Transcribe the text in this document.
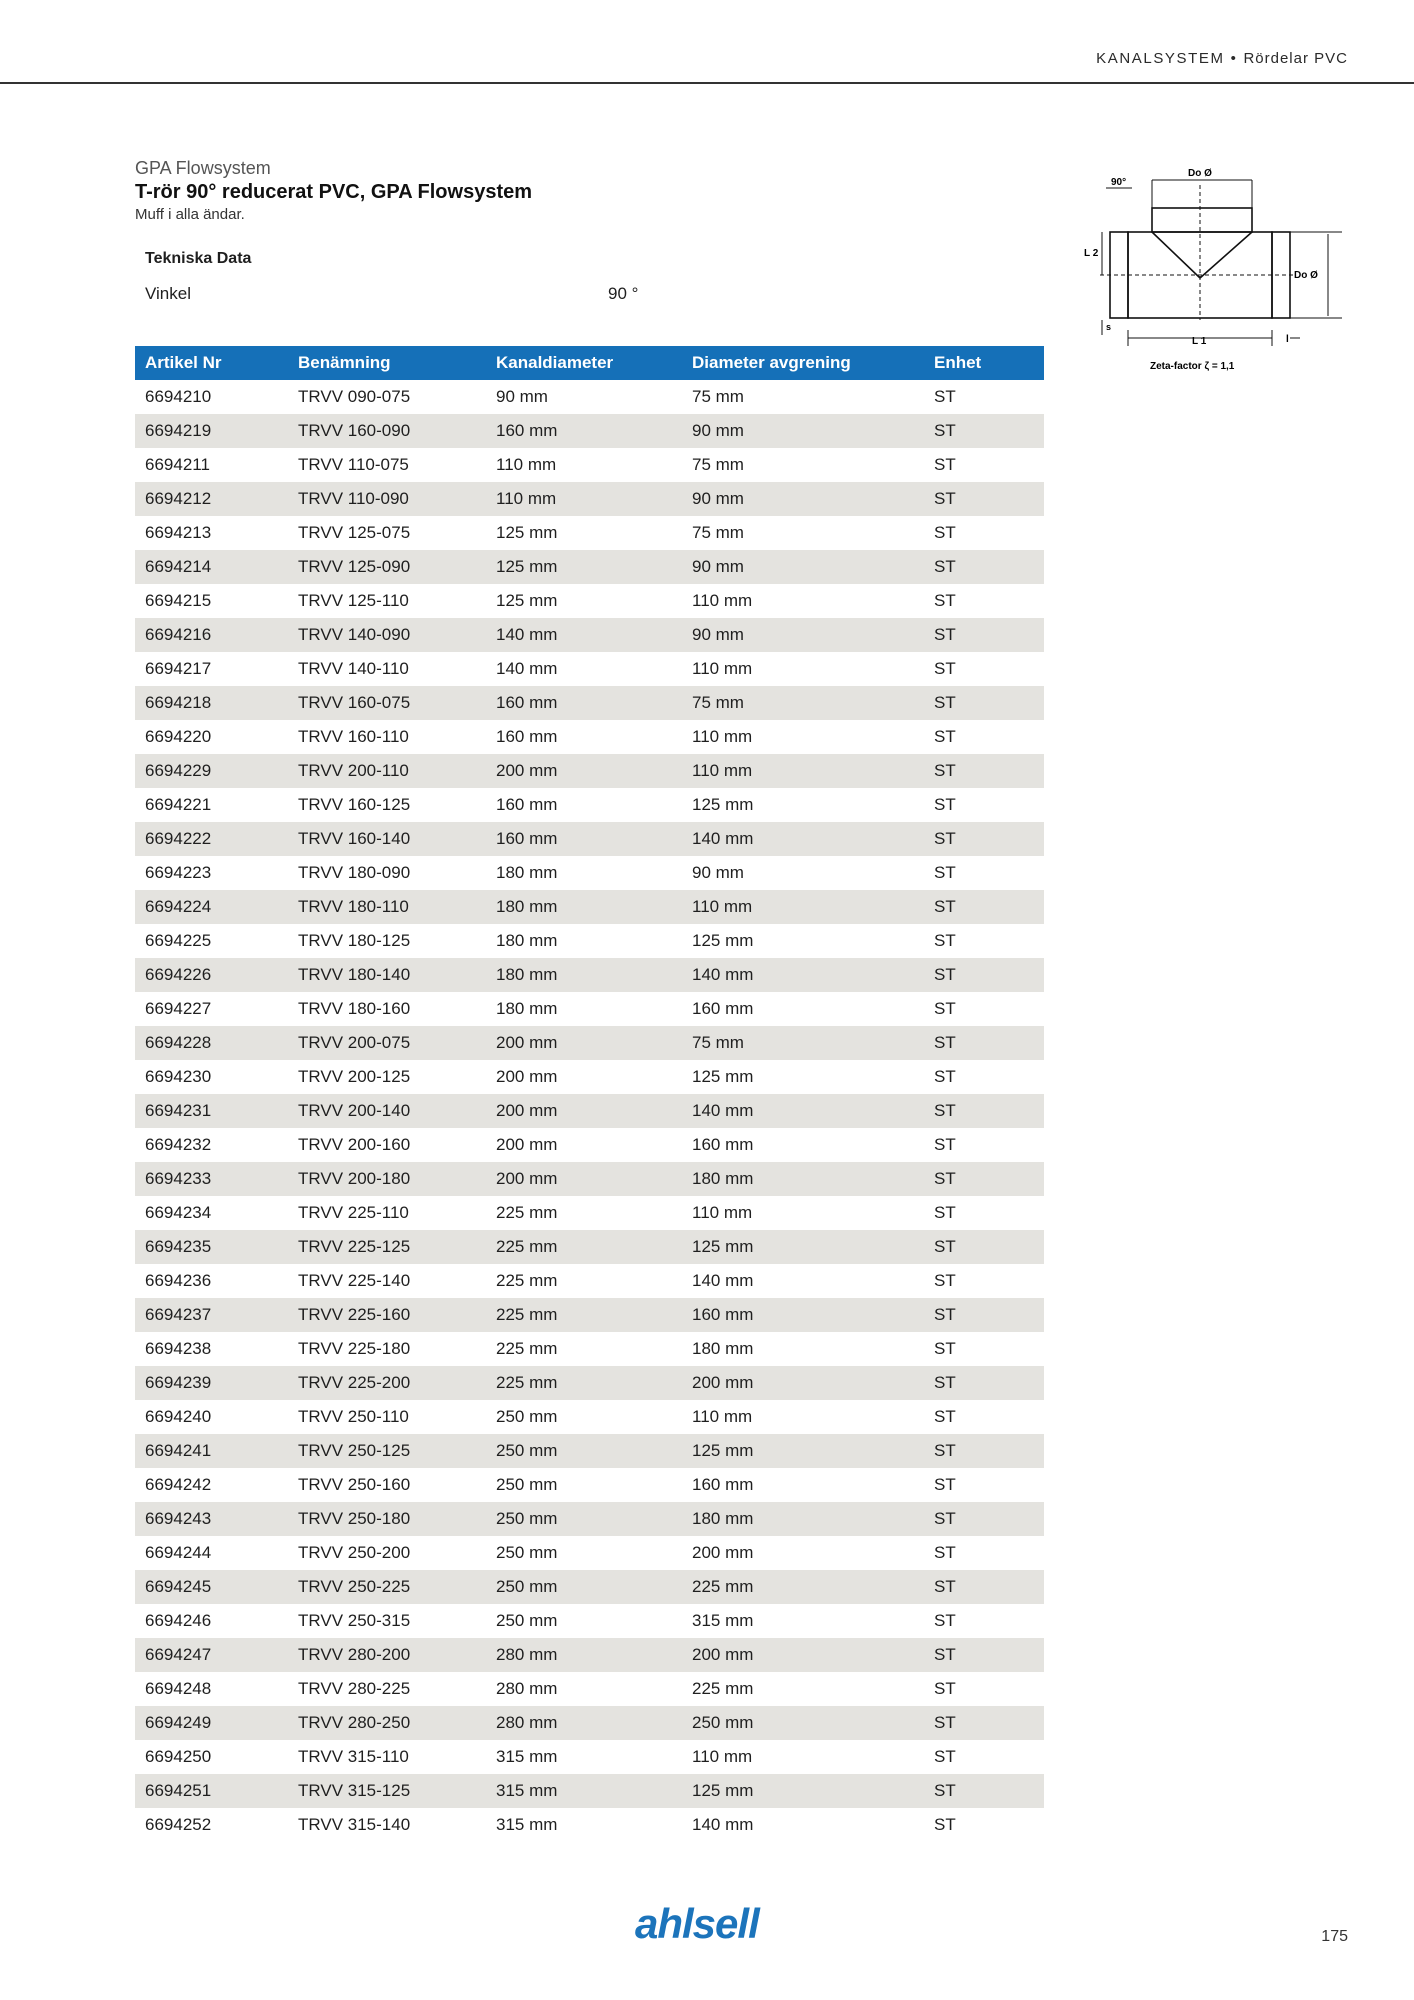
KANALSYSTEM • Rördelar PVC

GPA Flowsystem

T-rör 90° reducerat PVC, GPA Flowsystem

Muff i alla ändar.

Tekniska Data
Vinkel	90 °
90°
Do Ø
Do Ø
L 2
L 1
s
l
Zeta-factor ζ = 1,1
Artikel Nr	Benämning	Kanaldiameter	Diameter avgrening	Enhet
6694210	TRVV 090-075	90 mm	75 mm	ST
6694219	TRVV 160-090	160 mm	90 mm	ST
6694211	TRVV 110-075	110 mm	75 mm	ST
6694212	TRVV 110-090	110 mm	90 mm	ST
6694213	TRVV 125-075	125 mm	75 mm	ST
6694214	TRVV 125-090	125 mm	90 mm	ST
6694215	TRVV 125-110	125 mm	110 mm	ST
6694216	TRVV 140-090	140 mm	90 mm	ST
6694217	TRVV 140-110	140 mm	110 mm	ST
6694218	TRVV 160-075	160 mm	75 mm	ST
6694220	TRVV 160-110	160 mm	110 mm	ST
6694229	TRVV 200-110	200 mm	110 mm	ST
6694221	TRVV 160-125	160 mm	125 mm	ST
6694222	TRVV 160-140	160 mm	140 mm	ST
6694223	TRVV 180-090	180 mm	90 mm	ST
6694224	TRVV 180-110	180 mm	110 mm	ST
6694225	TRVV 180-125	180 mm	125 mm	ST
6694226	TRVV 180-140	180 mm	140 mm	ST
6694227	TRVV 180-160	180 mm	160 mm	ST
6694228	TRVV 200-075	200 mm	75 mm	ST
6694230	TRVV 200-125	200 mm	125 mm	ST
6694231	TRVV 200-140	200 mm	140 mm	ST
6694232	TRVV 200-160	200 mm	160 mm	ST
6694233	TRVV 200-180	200 mm	180 mm	ST
6694234	TRVV 225-110	225 mm	110 mm	ST
6694235	TRVV 225-125	225 mm	125 mm	ST
6694236	TRVV 225-140	225 mm	140 mm	ST
6694237	TRVV 225-160	225 mm	160 mm	ST
6694238	TRVV 225-180	225 mm	180 mm	ST
6694239	TRVV 225-200	225 mm	200 mm	ST
6694240	TRVV 250-110	250 mm	110 mm	ST
6694241	TRVV 250-125	250 mm	125 mm	ST
6694242	TRVV 250-160	250 mm	160 mm	ST
6694243	TRVV 250-180	250 mm	180 mm	ST
6694244	TRVV 250-200	250 mm	200 mm	ST
6694245	TRVV 250-225	250 mm	225 mm	ST
6694246	TRVV 250-315	250 mm	315 mm	ST
6694247	TRVV 280-200	280 mm	200 mm	ST
6694248	TRVV 280-225	280 mm	225 mm	ST
6694249	TRVV 280-250	280 mm	250 mm	ST
6694250	TRVV 315-110	315 mm	110 mm	ST
6694251	TRVV 315-125	315 mm	125 mm	ST
6694252	TRVV 315-140	315 mm	140 mm	ST
ahlsell	175
